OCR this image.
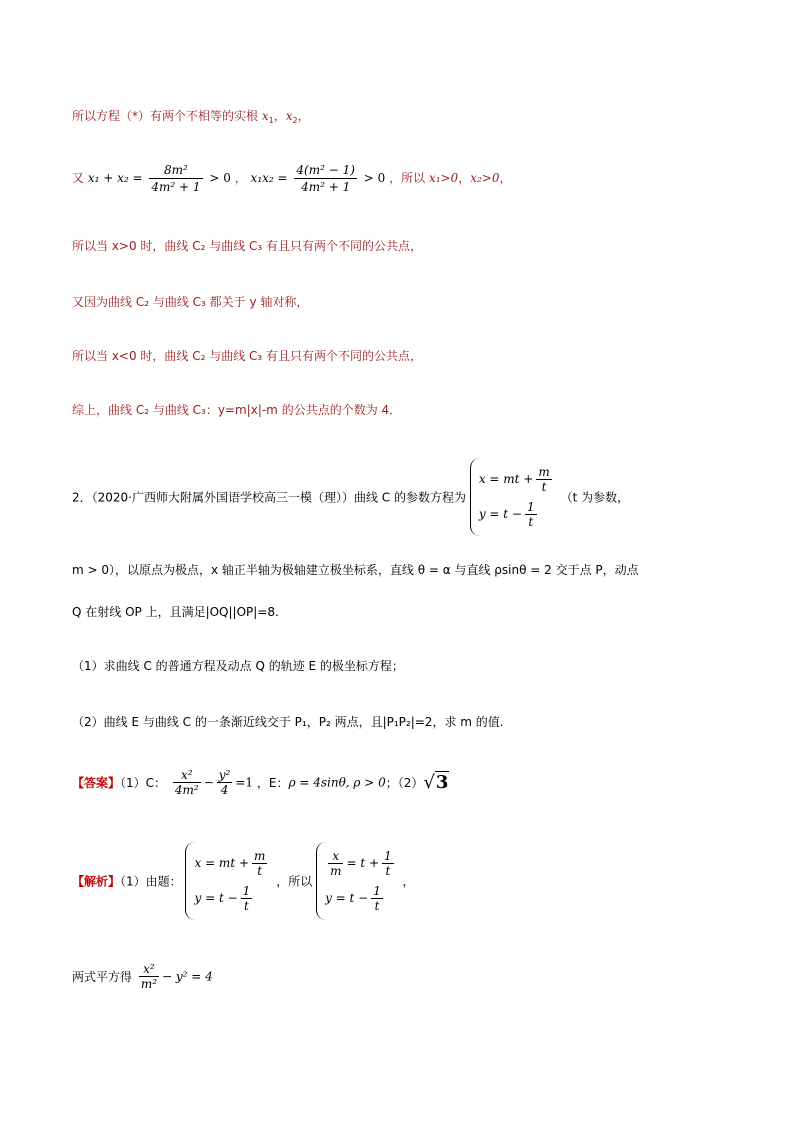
所以方程（*）有两个不相等的实根 $x_1$，$x_2$，
又 $x_1 + x_2 = \frac{\text{8m²}}{\text{4m² + 1}} > 0$ ， $x_1x_2 = \frac{\text{4(m² − 1)}}{\text{4m² + 1}} > 0$ ，所以 x₁>0，x₂>0，
所以当 x>0 时，曲线 C₂ 与曲线 C₃ 有且只有两个不同的公共点，
又因为曲线 C₂ 与曲线 C₃ 都关于 y 轴对称，
所以当 x<0 时，曲线 C₂ 与曲线 C₃ 有且只有两个不同的公共点，
综上，曲线 C₂ 与曲线 C₃：y=m|x|-m 的公共点的个数为 4．
2．（2020·广西师大附属外国语学校高三一模（理））曲线 C 的参数方程为
x = mt + $\frac{m}{t}$
$y = t - \frac{1}{t}$
（t 为参数，
m > 0），以原点为极点，x 轴正半轴为极轴建立极坐标系，直线 θ = α 与直线 ρsinθ = 2 交于点 P，动点
Q 在射线 OP 上，且满足|OQ||OP|=8.
（1）求曲线 C 的普通方程及动点 Q 的轨迹 E 的极坐标方程；
（2）曲线 E 与曲线 C 的一条渐近线交于 P₁，P₂ 两点，且|P₁P₂|=2，求 m 的值.
【答案】（1）C： $\frac{\text{x²}}{\text{4m²}} - \frac{\text{y²}}{4} =1$ ，E：ρ = 4sinθ, ρ > 0；（2）√3
【解析】（1）由题：
x = mt + $\frac{m}{t}$
$y = t - \frac{1}{t}$
，所以
$\frac{x}{m} = t + \frac{1}{t}$
$y = t - \frac{1}{t}$
，
两式平方得 $\frac{\text{x²}}{\text{m²}} - y^2 = 4$
